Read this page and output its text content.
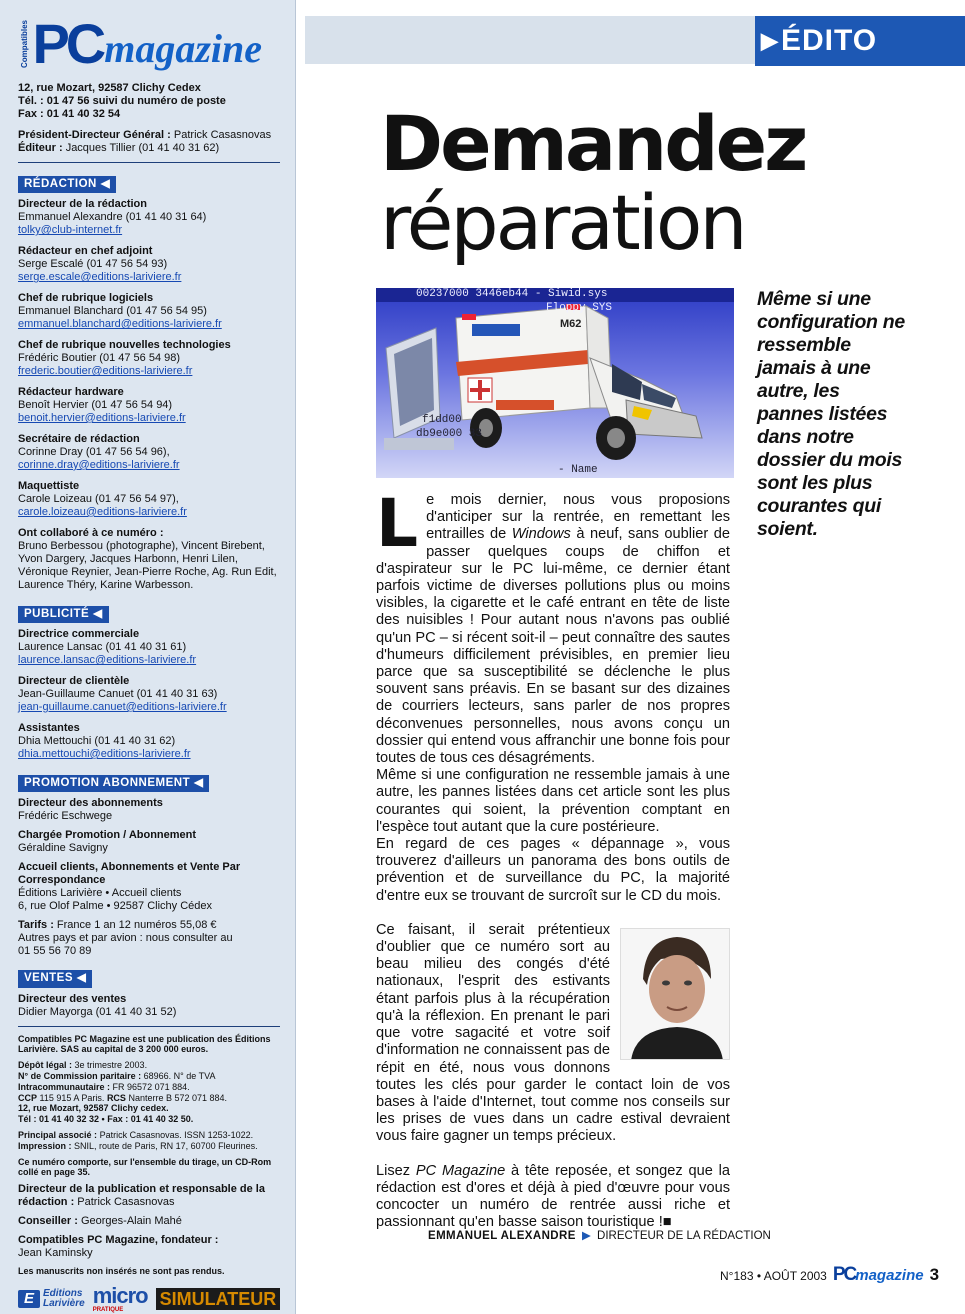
Compatibles PC magazine
12, rue Mozart, 92587 Clichy Cedex
Tél. : 01 47 56 suivi du numéro de poste
Fax : 01 41 40 32 54
Président-Directeur Général : Patrick Casasnovas
Éditeur : Jacques Tillier (01 41 40 31 62)
RÉDACTION ◀
Directeur de la rédaction
Emmanuel Alexandre (01 41 40 31 64)
tolky@club-internet.fr
Rédacteur en chef adjoint
Serge Escalé (01 47 56 54 93)
serge.escale@editions-lariviere.fr
Chef de rubrique logiciels
Emmanuel Blanchard (01 47 56 54 95)
emmanuel.blanchard@editions-lariviere.fr
Chef de rubrique nouvelles technologies
Frédéric Boutier (01 47 56 54 98)
frederic.boutier@editions-lariviere.fr
Rédacteur hardware
Benoît Hervier (01 47 56 54 94)
benoit.hervier@editions-lariviere.fr
Secrétaire de rédaction
Corinne Dray (01 47 56 54 96),
corinne.dray@editions-lariviere.fr
Maquettiste
Carole Loizeau (01 47 56 54 97),
carole.loizeau@editions-lariviere.fr
Ont collaboré à ce numéro :
Bruno Berbessou (photographe), Vincent Birebent, Yvon Dargery, Jacques Harbonn, Henri Lilen, Véronique Reynier, Jean-Pierre Roche, Ag. Run Edit, Laurence Théry, Karine Warbesson.
PUBLICITÉ ◀
Directrice commerciale
Laurence Lansac (01 41 40 31 61)
laurence.lansac@editions-lariviere.fr
Directeur de clientèle
Jean-Guillaume Canuet (01 41 40 31 63)
jean-guillaume.canuet@editions-lariviere.fr
Assistantes
Dhia Mettouchi (01 41 40 31 62)
dhia.mettouchi@editions-lariviere.fr
PROMOTION ABONNEMENT ◀
Directeur des abonnements
Frédéric Eschwege
Chargée Promotion / Abonnement
Géraldine Savigny
Accueil clients, Abonnements et Vente Par Correspondance
Éditions Larivière • Accueil clients
6, rue Olof Palme • 92587 Clichy Cédex
Tarifs : France 1 an 12 numéros 55,08 €
Autres pays et par avion : nous consulter au
01 55 56 70 89
VENTES ◀
Directeur des ventes
Didier Mayorga (01 41 40 31 52)
Compatibles PC Magazine est une publication des Éditions Larivière. SAS au capital de 3 200 000 euros.
Dépôt légal : 3e trimestre 2003.
N° de Commission paritaire : 68966. N° de TVA
Intracommunautaire : FR 96572 071 884.
CCP 115 915 A Paris. RCS Nanterre B 572 071 884.
12, rue Mozart, 92587 Clichy cedex.
Tél : 01 41 40 32 32 • Fax : 01 41 40 32 50.
Principal associé : Patrick Casasnovas. ISSN 1253-1022.
Impression : SNIL, route de Paris, RN 17, 60700 Fleurines.
Ce numéro comporte, sur l'ensemble du tirage, un CD-Rom collé en page 35.
Directeur de la publication et responsable de la rédaction : Patrick Casasnovas
Conseiller : Georges-Alain Mahé
Compatibles PC Magazine, fondateur :
Jean Kaminsky
Les manuscrits non insérés ne sont pas rendus.
E Editions
Larivière micro
PRATIQUE
SIMULATEUR
▶ ÉDITO
Demandez
réparation
00237000 3446eb44 - Siwid.sys
Floppy.SYS
f1dd00
db9e000 33
- Name
M62
Même si une configuration ne ressemble jamais à une autre, les pannes listées dans notre dossier du mois sont les plus courantes qui soient.

Le mois dernier, nous vous proposions d'anticiper sur la rentrée, en remettant les entrailles de Windows à neuf, sans oublier de passer quelques coups de chiffon et d'aspirateur sur le PC lui-même, ce dernier étant parfois victime de diverses pollutions plus ou moins visibles, la cigarette et le café entrant en tête de liste des nuisibles ! Pour autant nous n'avons pas oublié qu'un PC – si récent soit-il – peut connaître des sautes d'humeurs difficilement prévisibles, en premier lieu parce que sa susceptibilité se déclenche le plus souvent sans préavis. En se basant sur des dizaines de courriers lecteurs, sans parler de nos propres déconvenues personnelles, nous avons conçu un dossier qui entend vous affranchir une bonne fois pour toutes de tous ces désagréments.

Même si une configuration ne ressemble jamais à une autre, les pannes listées dans cet article sont les plus courantes qui soient, la prévention comptant en l'espèce tout autant que la cure postérieure.

En regard de ces pages « dépannage », vous trouverez d'ailleurs un panorama des bons outils de prévention et de surveillance du PC, la majorité d'entre eux se trouvant de surcroît sur le CD du mois.

Ce faisant, il serait prétentieux d'oublier que ce numéro sort au beau milieu des congés d'été nationaux, l'esprit des estivants étant parfois plus à la récupération qu'à la réflexion. En prenant le pari que votre sagacité et votre soif d'information ne connaissent pas de répit en été, nous vous donnons toutes les clés pour garder le contact loin de vos bases à l'aide d'Internet, tout comme nos conseils sur les prises de vues dans un cadre estival devraient vous faire gagner un temps précieux.

Lisez PC Magazine à tête reposée, et songez que la rédaction est d'ores et déjà à pied d'œuvre pour vous concocter un numéro de rentrée aussi riche et passionnant qu'en basse saison touristique !■

EMMANUEL ALEXANDRE ▶ DIRECTEUR DE LA RÉDACTION
N°183 • AOÛT 2003 PC magazine 3
